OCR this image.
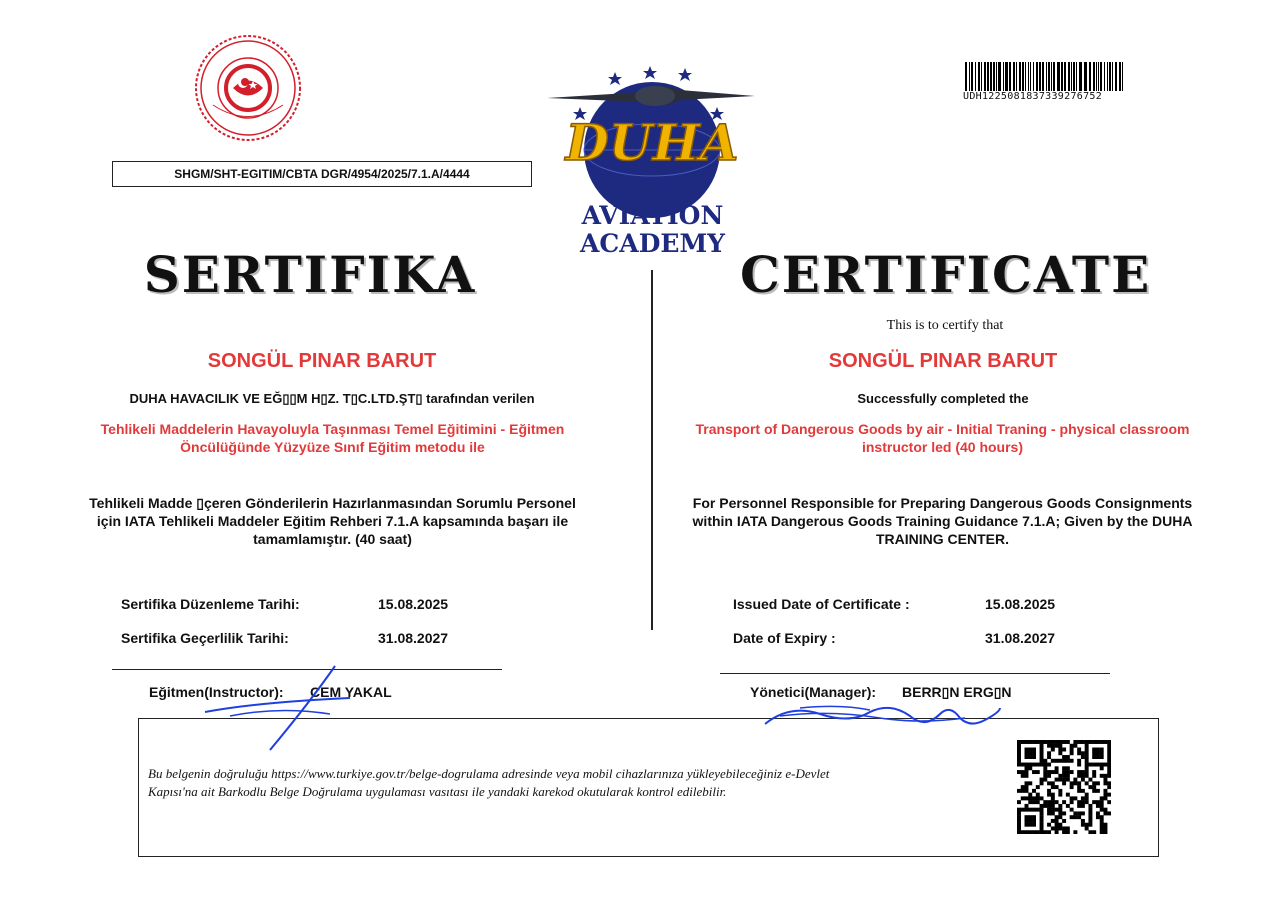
SHGM/SHT-EGITIM/CBTA DGR/4954/2025/7.1.A/4444
DUHA
AVIATION
ACADEMY
UDH1225081837339276752
SERTIFIKA	CERTIFICATE
This is to certify that
SONGÜL PINAR BARUT	SONGÜL PINAR BARUT
DUHA HAVACILIK VE EĞ▯▯M H▯Z. T▯C.LTD.ŞT▯ tarafından verilen	Successfully completed the
Tehlikeli Maddelerin Havayoluyla Taşınması Temel Eğitimini - Eğitmen
Öncülüğünde Yüzyüze Sınıf Eğitim metodu ile
Transport of Dangerous Goods by air - Initial Traning - physical classroom
instructor led (40 hours)
Tehlikeli Madde ▯çeren Gönderilerin Hazırlanmasından Sorumlu Personel
için IATA Tehlikeli Maddeler Eğitim Rehberi 7.1.A kapsamında başarı ile
tamamlamıştır. (40 saat)
For Personnel Responsible for Preparing Dangerous Goods Consignments
within IATA Dangerous Goods Training Guidance 7.1.A; Given by the DUHA
TRAINING CENTER.
Sertifika Düzenleme Tarihi:	15.08.2025
Sertifika Geçerlilik Tarihi:	31.08.2027
Issued Date of Certificate :	15.08.2025
Date of Expiry :	31.08.2027
Eğitmen(Instructor): CEM YAKAL	Yönetici(Manager): BERR▯N ERG▯N
Bu belgenin doğruluğu https://www.turkiye.gov.tr/belge-dogrulama adresinde veya mobil cihazlarınıza yükleyebileceğiniz e-Devlet
Kapısı'na ait Barkodlu Belge Doğrulama uygulaması vasıtası ile yandaki karekod okutularak kontrol edilebilir.
